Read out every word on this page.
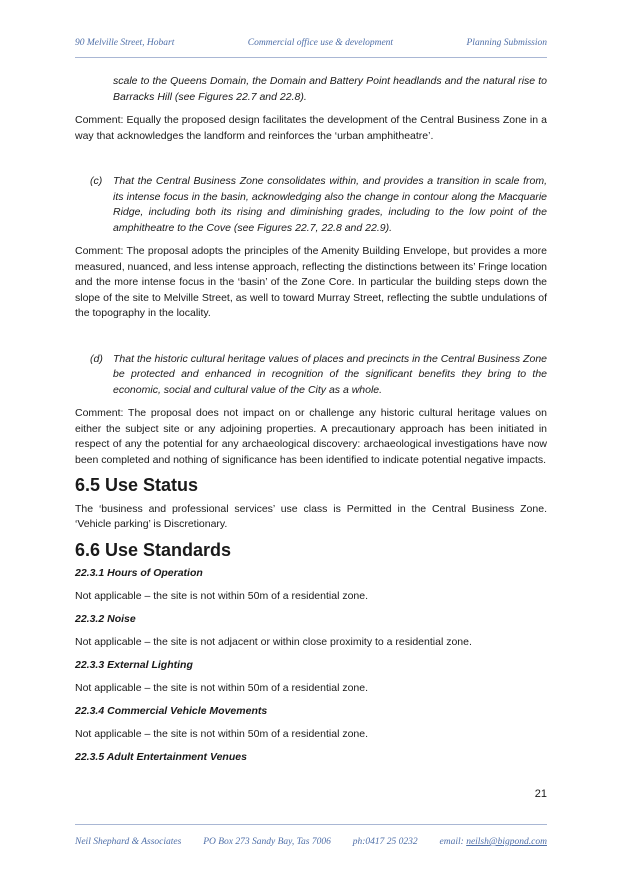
90 Melville Street, Hobart	Commercial office use & development	Planning Submission

scale to the Queens Domain, the Domain and Battery Point headlands and the natural rise to Barracks Hill (see Figures 22.7 and 22.8).

Comment: Equally the proposed design facilitates the development of the Central Business Zone in a way that acknowledges the landform and reinforces the ‘urban amphitheatre’.

(c)	That the Central Business Zone consolidates within, and provides a transition in scale from, its intense focus in the basin, acknowledging also the change in contour along the Macquarie Ridge, including both its rising and diminishing grades, including to the low point of the amphitheatre to the Cove (see Figures 22.7, 22.8 and 22.9).

Comment: The proposal adopts the principles of the Amenity Building Envelope, but provides a more measured, nuanced, and less intense approach, reflecting the distinctions between its’ Fringe location and the more intense focus in the ‘basin’ of the Zone Core. In particular the building steps down the slope of the site to Melville Street, as well to toward Murray Street, reflecting the subtle undulations of the topography in the locality.

(d) That the historic cultural heritage values of places and precincts in the Central Business Zone be protected and enhanced in recognition of the significant benefits they bring to the economic, social and cultural value of the City as a whole.

Comment: The proposal does not impact on or challenge any historic cultural heritage values on either the subject site or any adjoining properties. A precautionary approach has been initiated in respect of any the potential for any archaeological discovery: archaeological investigations have now been completed and nothing of significance has been identified to indicate potential negative impacts.

6.5 Use Status

The ‘business and professional services’ use class is Permitted in the Central Business Zone. ‘Vehicle parking’ is Discretionary.

6.6 Use Standards
22.3.1 Hours of Operation

Not applicable – the site is not within 50m of a residential zone.

22.3.2 Noise

Not applicable – the site is not adjacent or within close proximity to a residential zone.

22.3.3 External Lighting

Not applicable – the site is not within 50m of a residential zone.

22.3.4 Commercial Vehicle Movements

Not applicable – the site is not within 50m of a residential zone.

22.3.5 Adult Entertainment Venues
21
Neil Shephard & Associates PO Box 273 Sandy Bay, Tas 7006 ph:0417 25 0232 email: neilsh@bigpond.com
